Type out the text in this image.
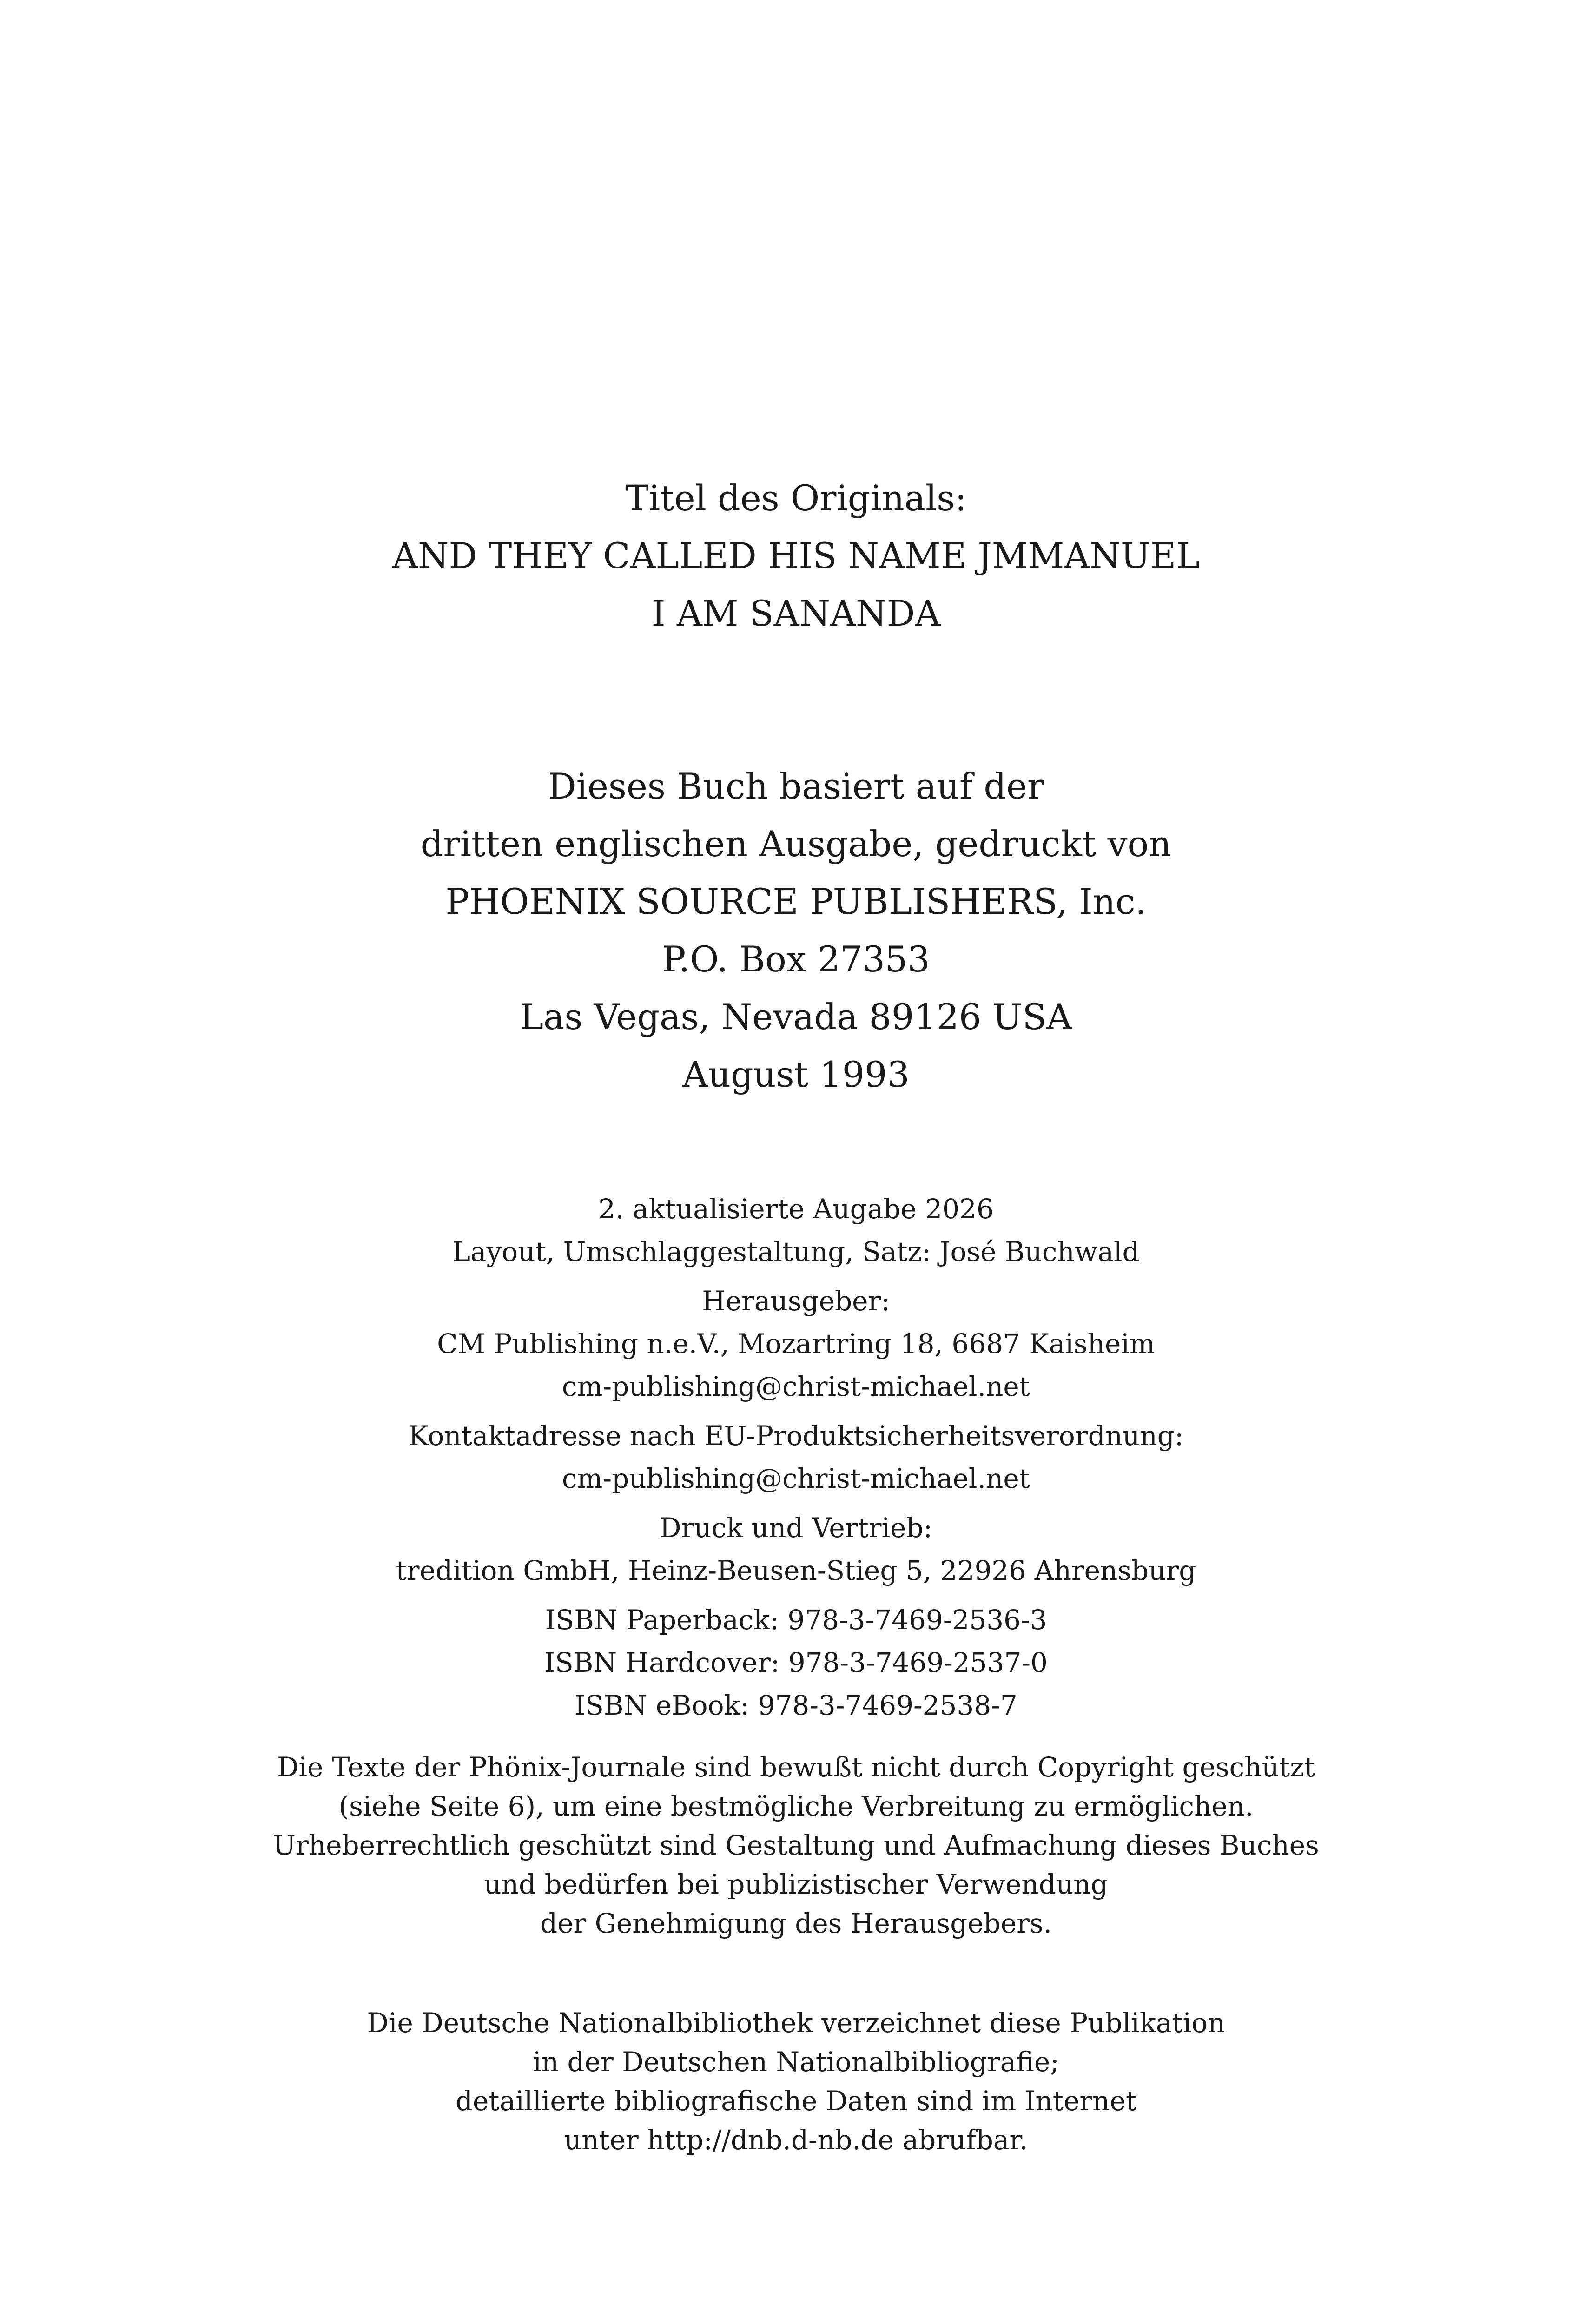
Titel des Originals:
AND THEY CALLED HIS NAME JMMANUEL
I AM SANANDA
Dieses Buch basiert auf der
dritten englischen Ausgabe, gedruckt von
PHOENIX SOURCE PUBLISHERS, Inc.
P.O. Box 27353
Las Vegas, Nevada 89126 USA
August 1993
2. aktualisierte Augabe 2026
Layout, Umschlaggestaltung, Satz: José Buchwald
Herausgeber:
CM Publishing n.e.V., Mozartring 18, 6687 Kaisheim
cm-publishing@christ-michael.net
Kontaktadresse nach EU-Produktsicherheitsverordnung:
cm-publishing@christ-michael.net
Druck und Vertrieb:
tredition GmbH, Heinz-Beusen-Stieg 5, 22926 Ahrensburg
ISBN Paperback: 978-3-7469-2536-3
ISBN Hardcover: 978-3-7469-2537-0
ISBN eBook: 978-3-7469-2538-7
Die Texte der Phönix-Journale sind bewußt nicht durch Copyright geschützt
(siehe Seite 6), um eine bestmögliche Verbreitung zu ermöglichen.
Urheberrechtlich geschützt sind Gestaltung und Aufmachung dieses Buches
und bedürfen bei publizistischer Verwendung
der Genehmigung des Herausgebers.
Die Deutsche Nationalbibliothek verzeichnet diese Publikation
in der Deutschen Nationalbibliografie;
detaillierte bibliografische Daten sind im Internet
unter http://dnb.d-nb.de abrufbar.
